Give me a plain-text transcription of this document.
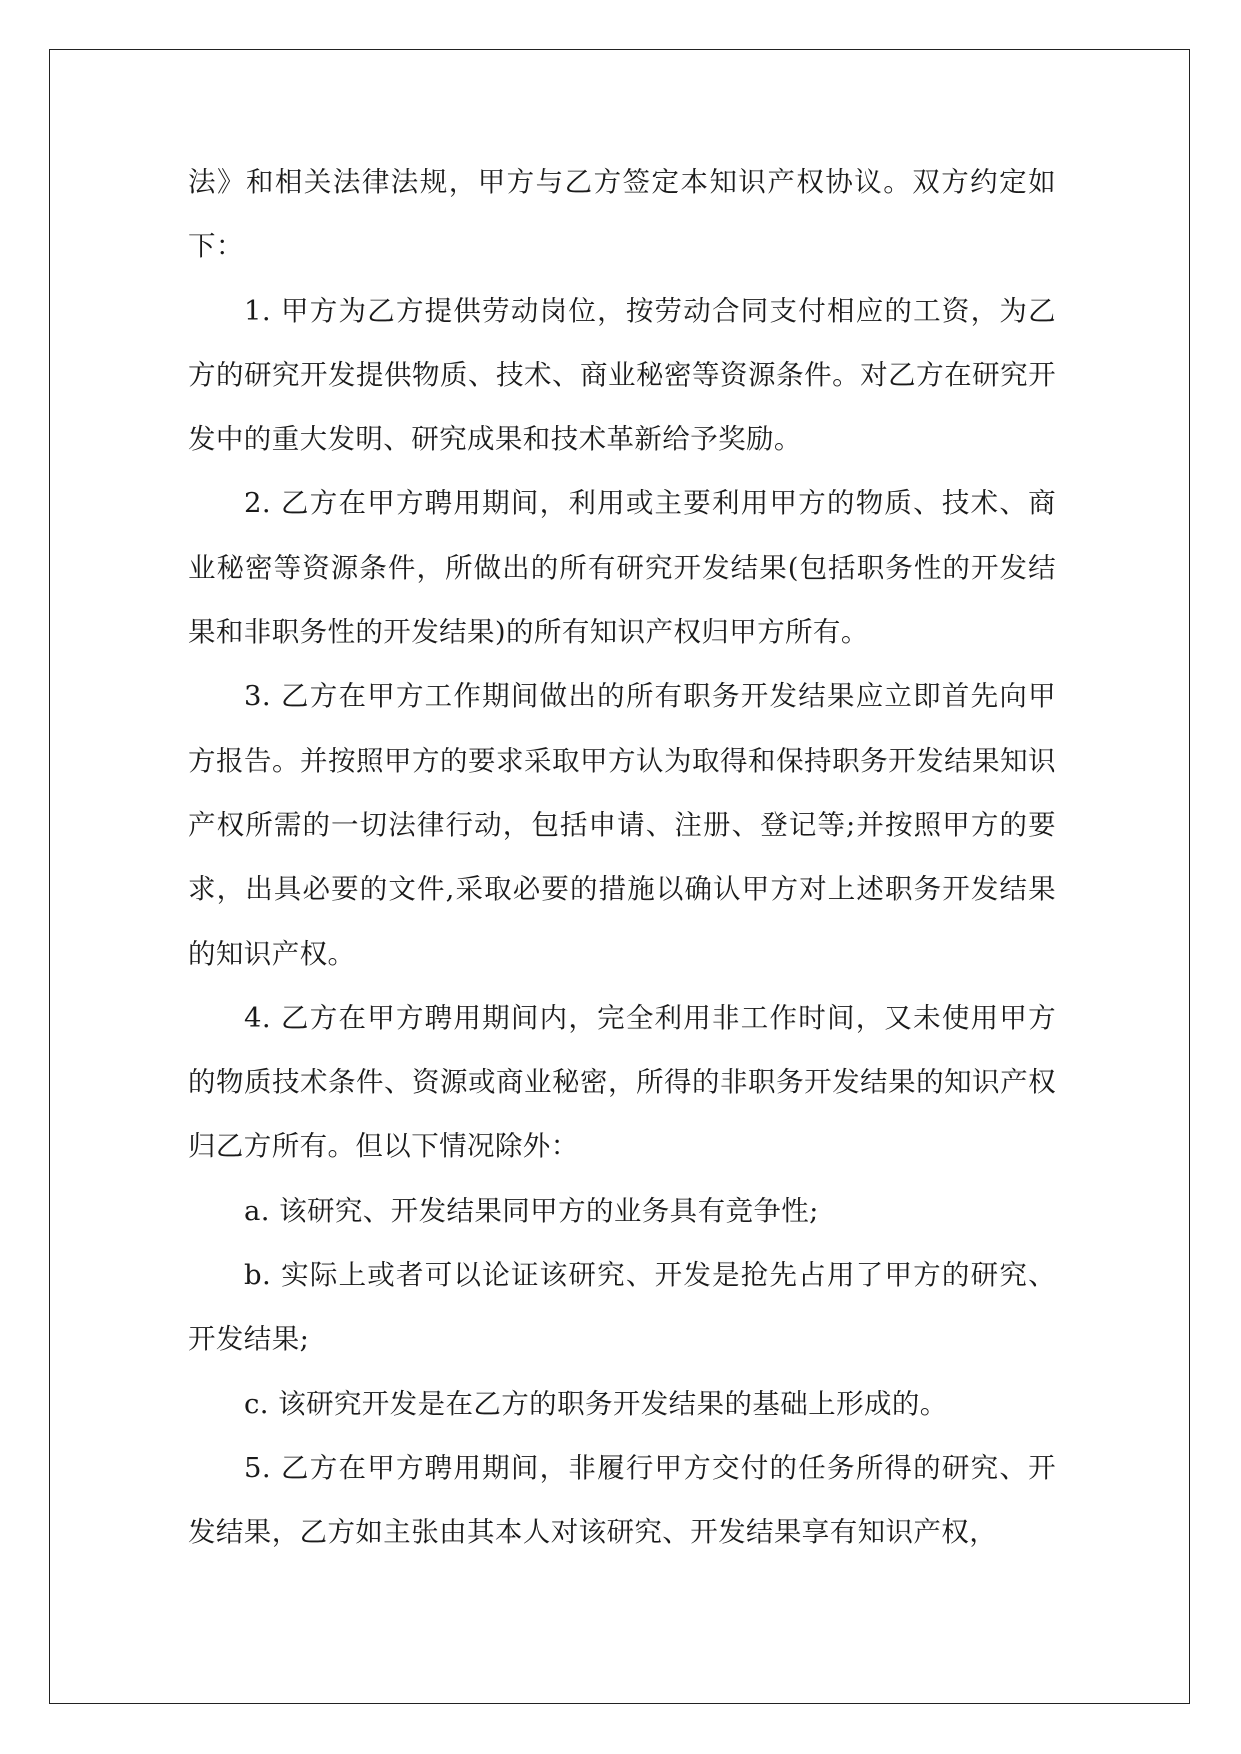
法》和相关法律法规，甲方与乙方签定本知识产权协议。双方约定如下：

1. 甲方为乙方提供劳动岗位，按劳动合同支付相应的工资，为乙方的研究开发提供物质、技术、商业秘密等资源条件。对乙方在研究开发中的重大发明、研究成果和技术革新给予奖励。

2. 乙方在甲方聘用期间，利用或主要利用甲方的物质、技术、商业秘密等资源条件，所做出的所有研究开发结果(包括职务性的开发结果和非职务性的开发结果)的所有知识产权归甲方所有。

3. 乙方在甲方工作期间做出的所有职务开发结果应立即首先向甲方报告。并按照甲方的要求采取甲方认为取得和保持职务开发结果知识产权所需的一切法律行动，包括申请、注册、登记等;并按照甲方的要求，出具必要的文件,采取必要的措施以确认甲方对上述职务开发结果的知识产权。

4. 乙方在甲方聘用期间内，完全利用非工作时间，又未使用甲方的物质技术条件、资源或商业秘密，所得的非职务开发结果的知识产权归乙方所有。但以下情况除外：

a. 该研究、开发结果同甲方的业务具有竞争性;

b. 实际上或者可以论证该研究、开发是抢先占用了甲方的研究、开发结果;

c. 该研究开发是在乙方的职务开发结果的基础上形成的。

5. 乙方在甲方聘用期间，非履行甲方交付的任务所得的研究、开发结果，乙方如主张由其本人对该研究、开发结果享有知识产权，
